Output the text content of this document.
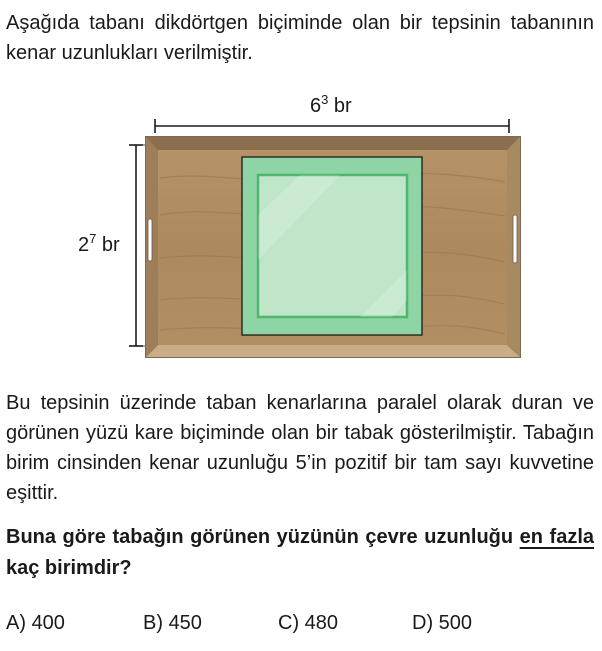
Aşağıda tabanı dikdörtgen biçiminde olan bir tepsinin tabanının kenar uzunlukları verilmiştir.

$6^3$ br
$2^7$ br

Bu tepsinin üzerinde taban kenarlarına paralel olarak duran ve görünen yüzü kare biçiminde olan bir tabak gösterilmiştir. Tabağın birim cinsinden kenar uzunluğu 5’in pozitif bir tam sayı kuvvetine eşittir.

Buna göre tabağın görünen yüzünün çevre uzunluğu en fazla kaç birimdir?

A) 400	B) 450	C) 480	D) 500
